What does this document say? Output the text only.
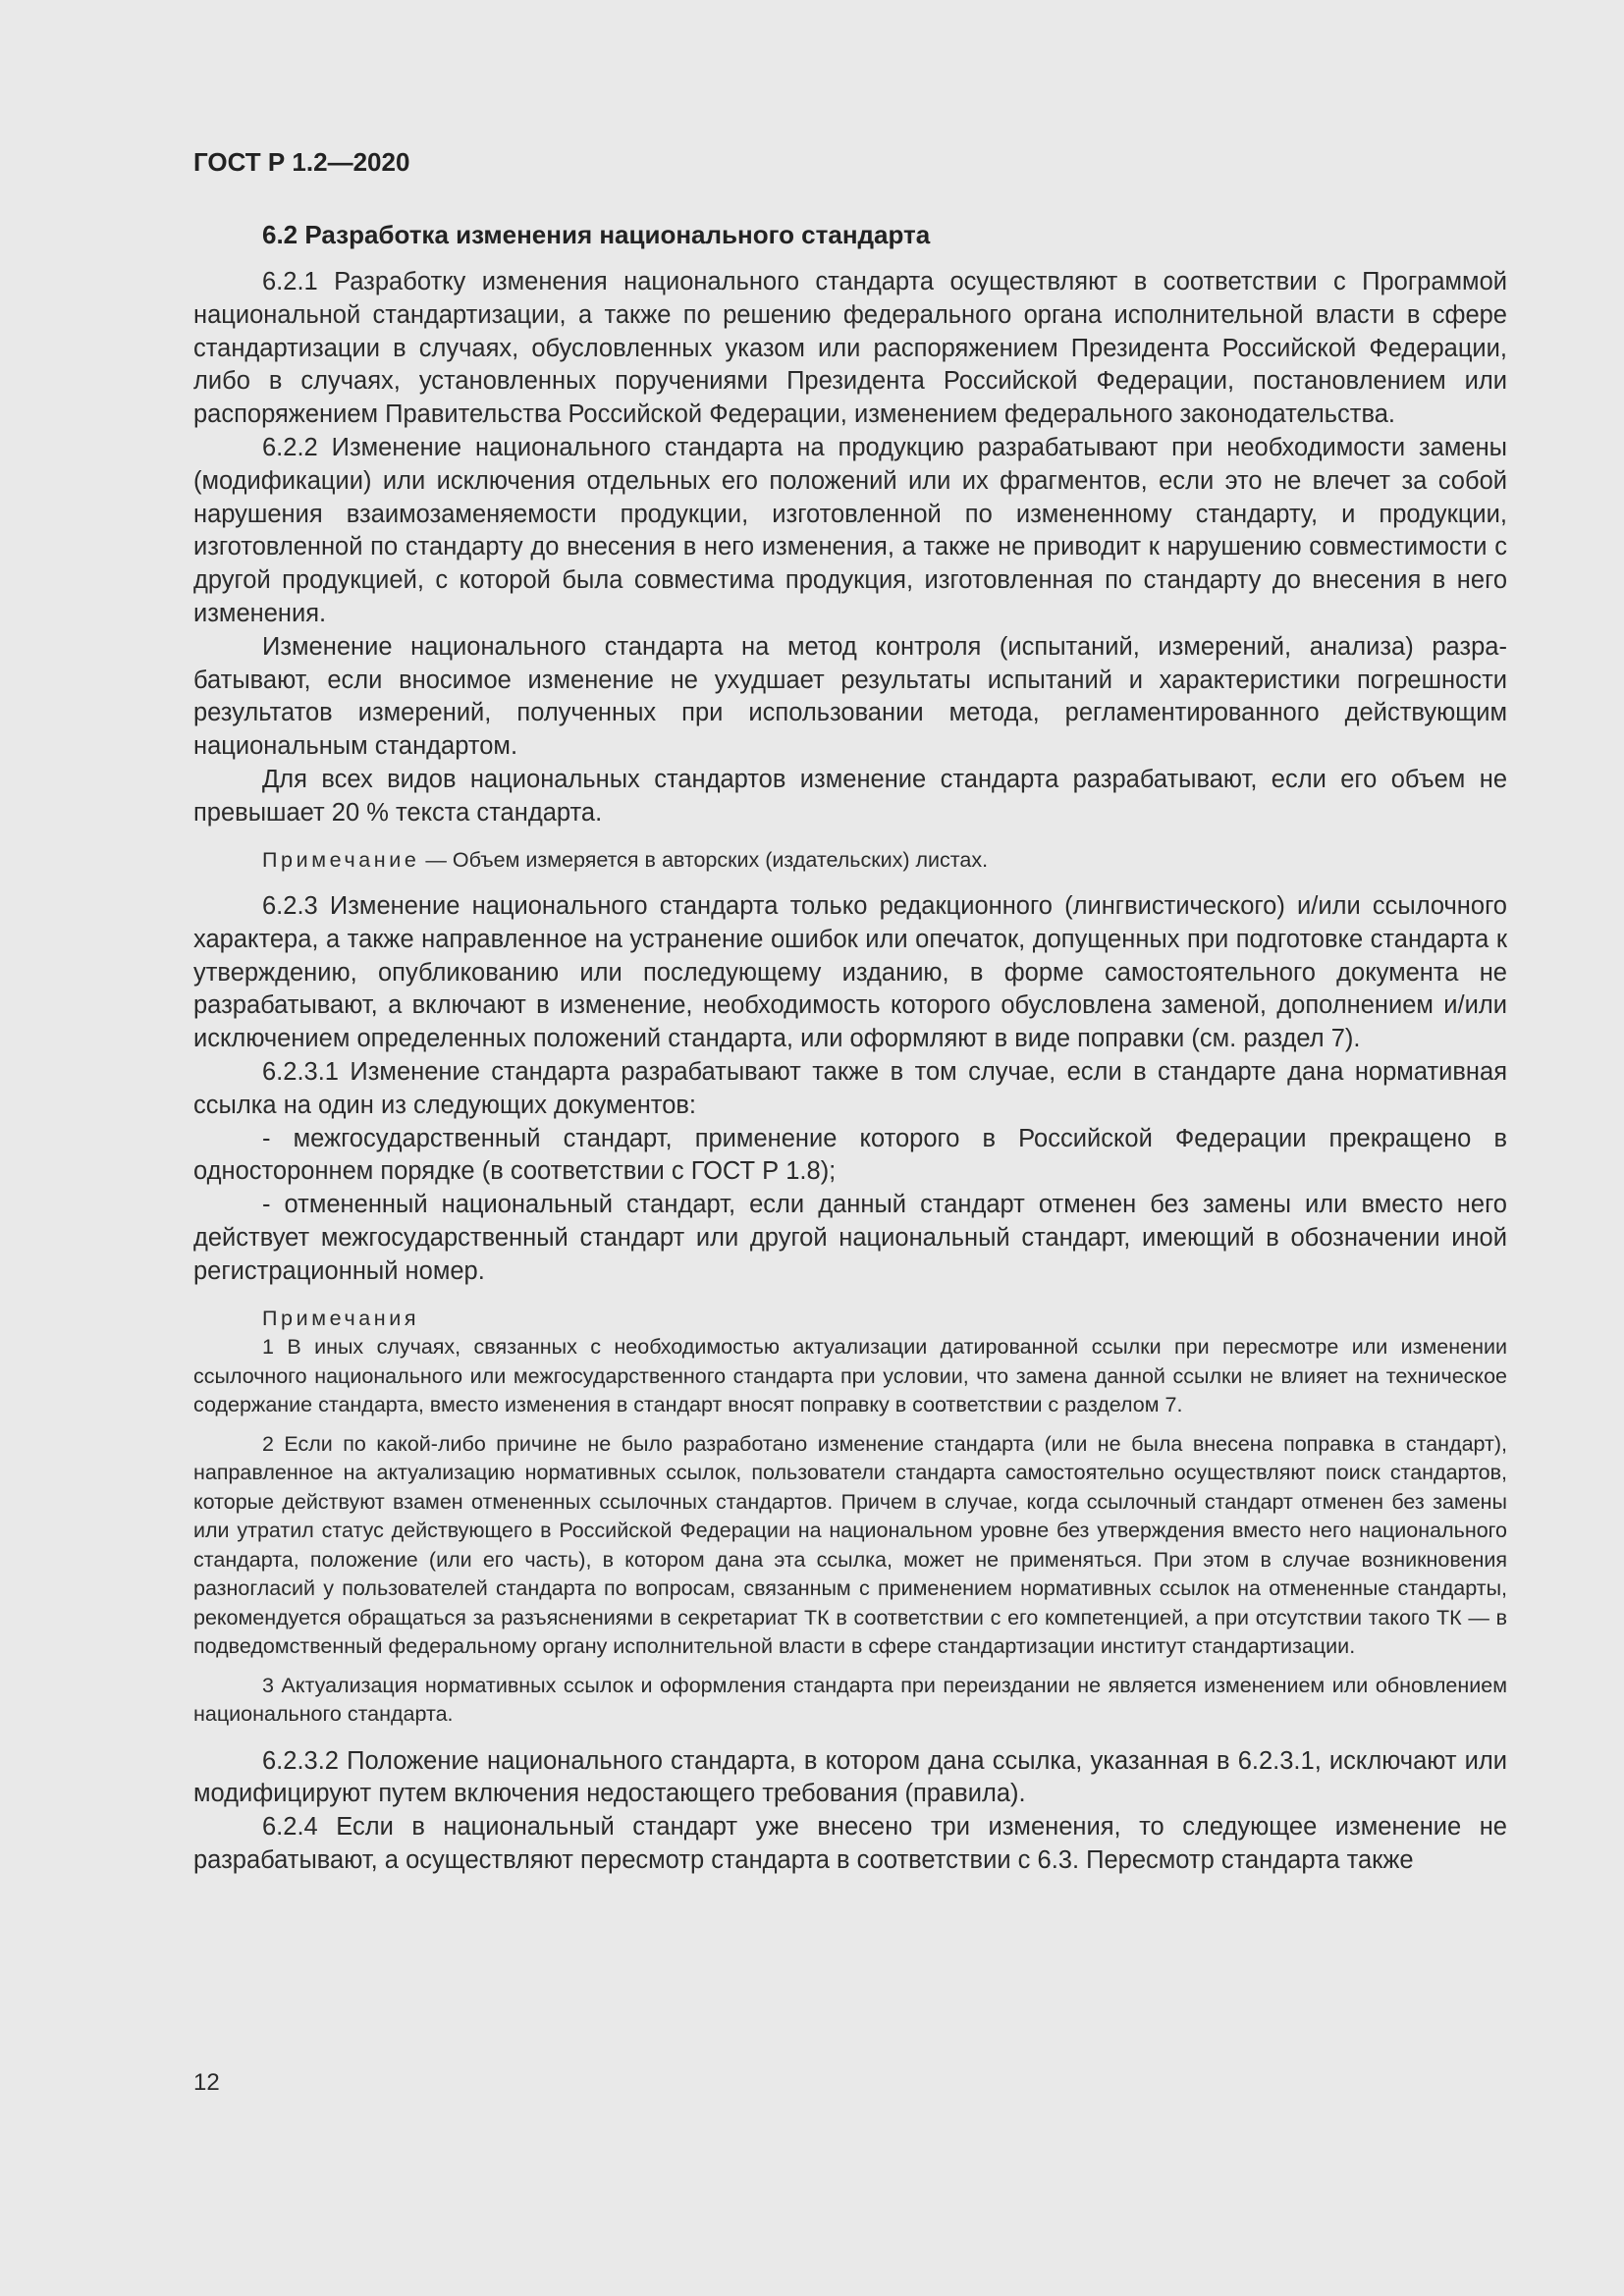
ГОСТ Р 1.2—2020

6.2 Разработка изменения национального стандарта

6.2.1 Разработку изменения национального стандарта осуществляют в соответствии с Программой национальной стандартизации, а также по решению федерального органа исполнительной власти в сфере стандартизации в случаях, обусловленных указом или распоряжением Президента Российской Федерации, либо в случаях, установленных поручениями Президента Российской Федерации, постановлением или распоряжением Правительства Российской Федерации, изменением федерального законодательства.

6.2.2 Изменение национального стандарта на продукцию разрабатывают при необходимости замены (модификации) или исключения отдельных его положений или их фрагментов, если это не влечет за собой нарушения взаимозаменяемости продукции, изготовленной по измененному стандарту, и продукции, изготовленной по стандарту до внесения в него изменения, а также не приводит к нарушению совместимости с другой продукцией, с которой была совместима продукция, изготовленная по стандарту до внесения в него изменения.

Изменение национального стандарта на метод контроля (испытаний, измерений, анализа) разрабатывают, если вносимое изменение не ухудшает результаты испытаний и характеристики погрешности результатов измерений, полученных при использовании метода, регламентированного действующим национальным стандартом.

Для всех видов национальных стандартов изменение стандарта разрабатывают, если его объем не превышает 20 % текста стандарта.

Примечание — Объем измеряется в авторских (издательских) листах.

6.2.3 Изменение национального стандарта только редакционного (лингвистического) и/или ссылочного характера, а также направленное на устранение ошибок или опечаток, допущенных при подготовке стандарта к утверждению, опубликованию или последующему изданию, в форме самостоятельного документа не разрабатывают, а включают в изменение, необходимость которого обусловлена заменой, дополнением и/или исключением определенных положений стандарта, или оформляют в виде поправки (см. раздел 7).

6.2.3.1 Изменение стандарта разрабатывают также в том случае, если в стандарте дана нормативная ссылка на один из следующих документов:

- межгосударственный стандарт, применение которого в Российской Федерации прекращено в одностороннем порядке (в соответствии с ГОСТ Р 1.8);

- отмененный национальный стандарт, если данный стандарт отменен без замены или вместо него действует межгосударственный стандарт или другой национальный стандарт, имеющий в обозначении иной регистрационный номер.

Примечания

1 В иных случаях, связанных с необходимостью актуализации датированной ссылки при пересмотре или изменении ссылочного национального или межгосударственного стандарта при условии, что замена данной ссылки не влияет на техническое содержание стандарта, вместо изменения в стандарт вносят поправку в соответствии с разделом 7.

2 Если по какой-либо причине не было разработано изменение стандарта (или не была внесена поправка в стандарт), направленное на актуализацию нормативных ссылок, пользователи стандарта самостоятельно осуществляют поиск стандартов, которые действуют взамен отмененных ссылочных стандартов. Причем в случае, когда ссылочный стандарт отменен без замены или утратил статус действующего в Российской Федерации на национальном уровне без утверждения вместо него национального стандарта, положение (или его часть), в котором дана эта ссылка, может не применяться. При этом в случае возникновения разногласий у пользователей стандарта по вопросам, связанным с применением нормативных ссылок на отмененные стандарты, рекомендуется обращаться за разъяснениями в секретариат ТК в соответствии с его компетенцией, а при отсутствии такого ТК — в подведомственный федеральному органу исполнительной власти в сфере стандартизации институт стандартизации.

3 Актуализация нормативных ссылок и оформления стандарта при переиздании не является изменением или обновлением национального стандарта.

6.2.3.2 Положение национального стандарта, в котором дана ссылка, указанная в 6.2.3.1, исключают или модифицируют путем включения недостающего требования (правила).

6.2.4 Если в национальный стандарт уже внесено три изменения, то следующее изменение не разрабатывают, а осуществляют пересмотр стандарта в соответствии с 6.3. Пересмотр стандарта также

12
